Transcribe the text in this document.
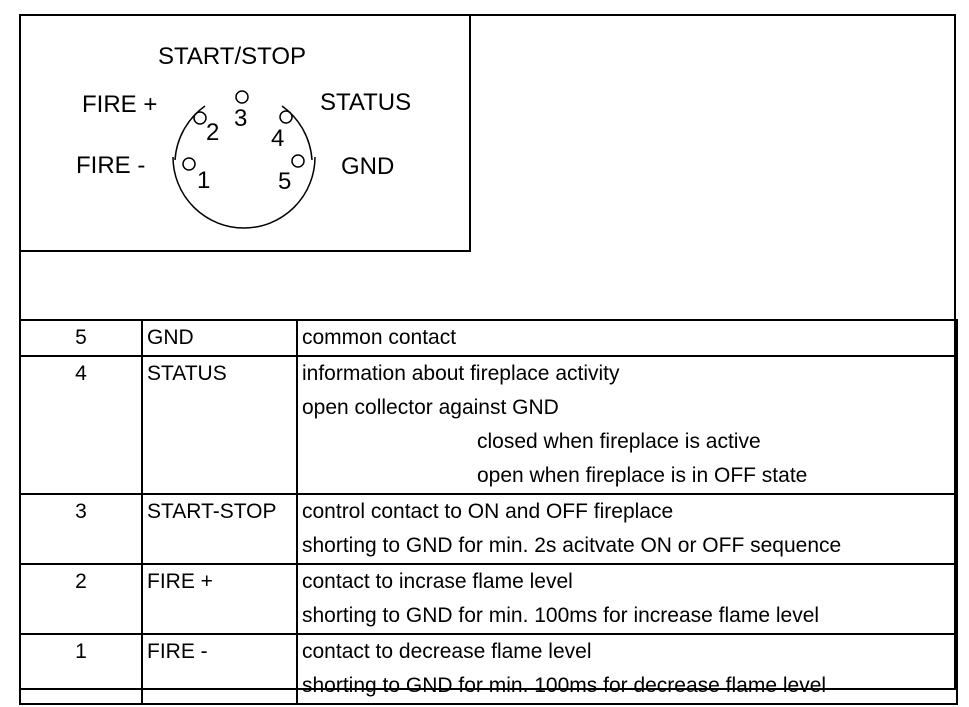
1
2
3
4
5
START/STOP
FIRE +
FIRE -
STATUS
GND
5	GND	common contact

4	STATUS	information about fireplace activity
open collector against GND
closed when fireplace is active
open when fireplace is in OFF state

3	START-STOP	control contact to ON and OFF fireplace
shorting to GND for min. 2s acitvate ON or OFF sequence

2	FIRE +	contact to incrase flame level
shorting to GND for min. 100ms for increase flame level

1	FIRE -	contact to decrease flame level
shorting to GND for min. 100ms for decrease flame level
